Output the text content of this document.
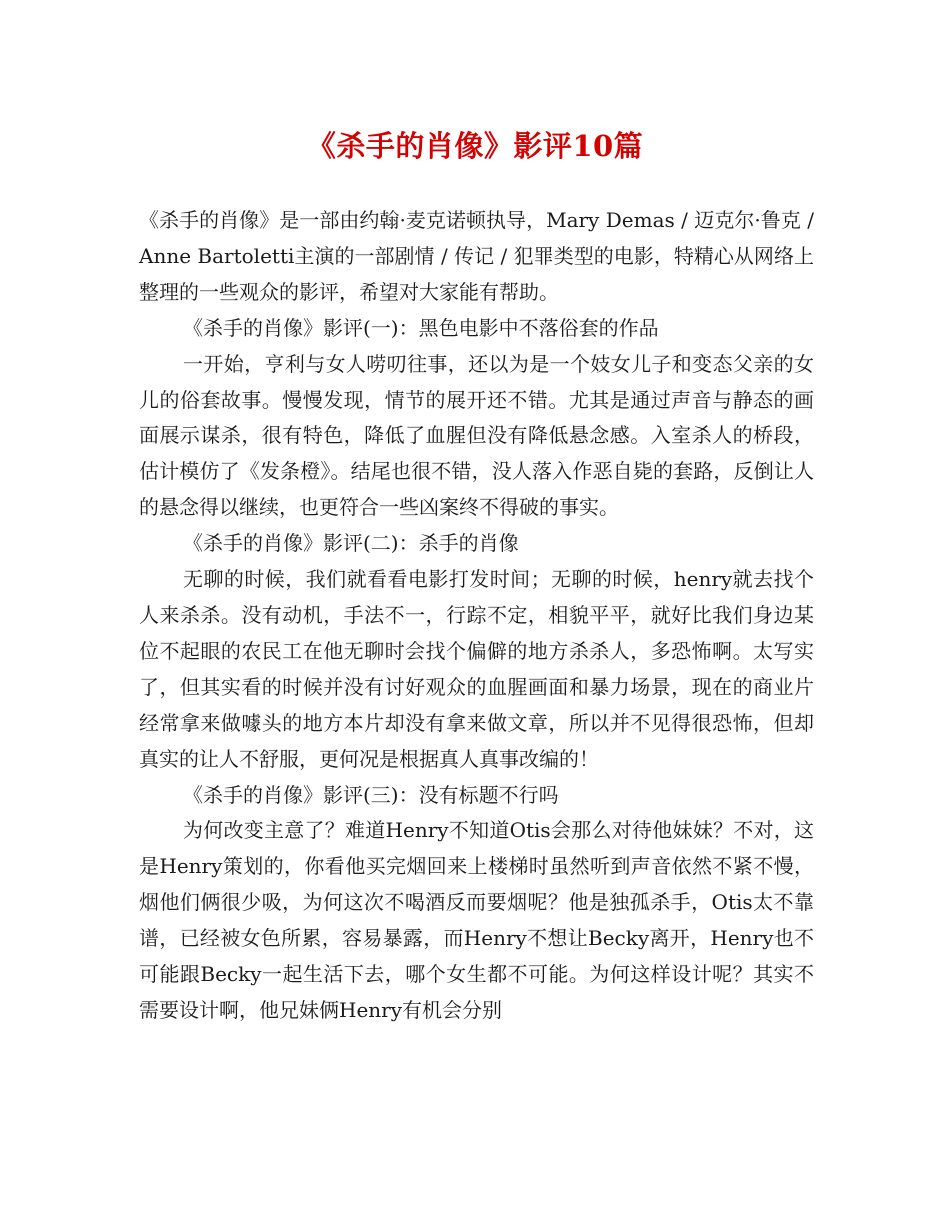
《杀手的肖像》影评10篇

《杀手的肖像》是一部由约翰·麦克诺顿执导，Mary Demas / 迈克尔·鲁克 / Anne Bartoletti主演的一部剧情 / 传记 / 犯罪类型的电影，特精心从网络上整理的一些观众的影评，希望对大家能有帮助。

《杀手的肖像》影评(一)：黑色电影中不落俗套的作品

一开始，亨利与女人唠叨往事，还以为是一个妓女儿子和变态父亲的女儿的俗套故事。慢慢发现，情节的展开还不错。尤其是通过声音与静态的画面展示谋杀，很有特色，降低了血腥但没有降低悬念感。入室杀人的桥段，估计模仿了《发条橙》。结尾也很不错，没人落入作恶自毙的套路，反倒让人的悬念得以继续，也更符合一些凶案终不得破的事实。

《杀手的肖像》影评(二)：杀手的肖像

无聊的时候，我们就看看电影打发时间；无聊的时候，henry就去找个人来杀杀。没有动机，手法不一，行踪不定，相貌平平，就好比我们身边某位不起眼的农民工在他无聊时会找个偏僻的地方杀杀人，多恐怖啊。太写实了，但其实看的时候并没有讨好观众的血腥画面和暴力场景，现在的商业片经常拿来做噱头的地方本片却没有拿来做文章，所以并不见得很恐怖，但却真实的让人不舒服，更何况是根据真人真事改编的！

《杀手的肖像》影评(三)：没有标题不行吗

为何改变主意了？难道Henry不知道Otis会那么对待他妹妹？不对，这是Henry策划的，你看他买完烟回来上楼梯时虽然听到声音依然不紧不慢，烟他们俩很少吸，为何这次不喝酒反而要烟呢？他是独孤杀手，Otis太不靠谱，已经被女色所累，容易暴露，而Henry不想让Becky离开，Henry也不可能跟Becky一起生活下去，哪个女生都不可能。为何这样设计呢？其实不需要设计啊，他兄妹俩Henry有机会分别
